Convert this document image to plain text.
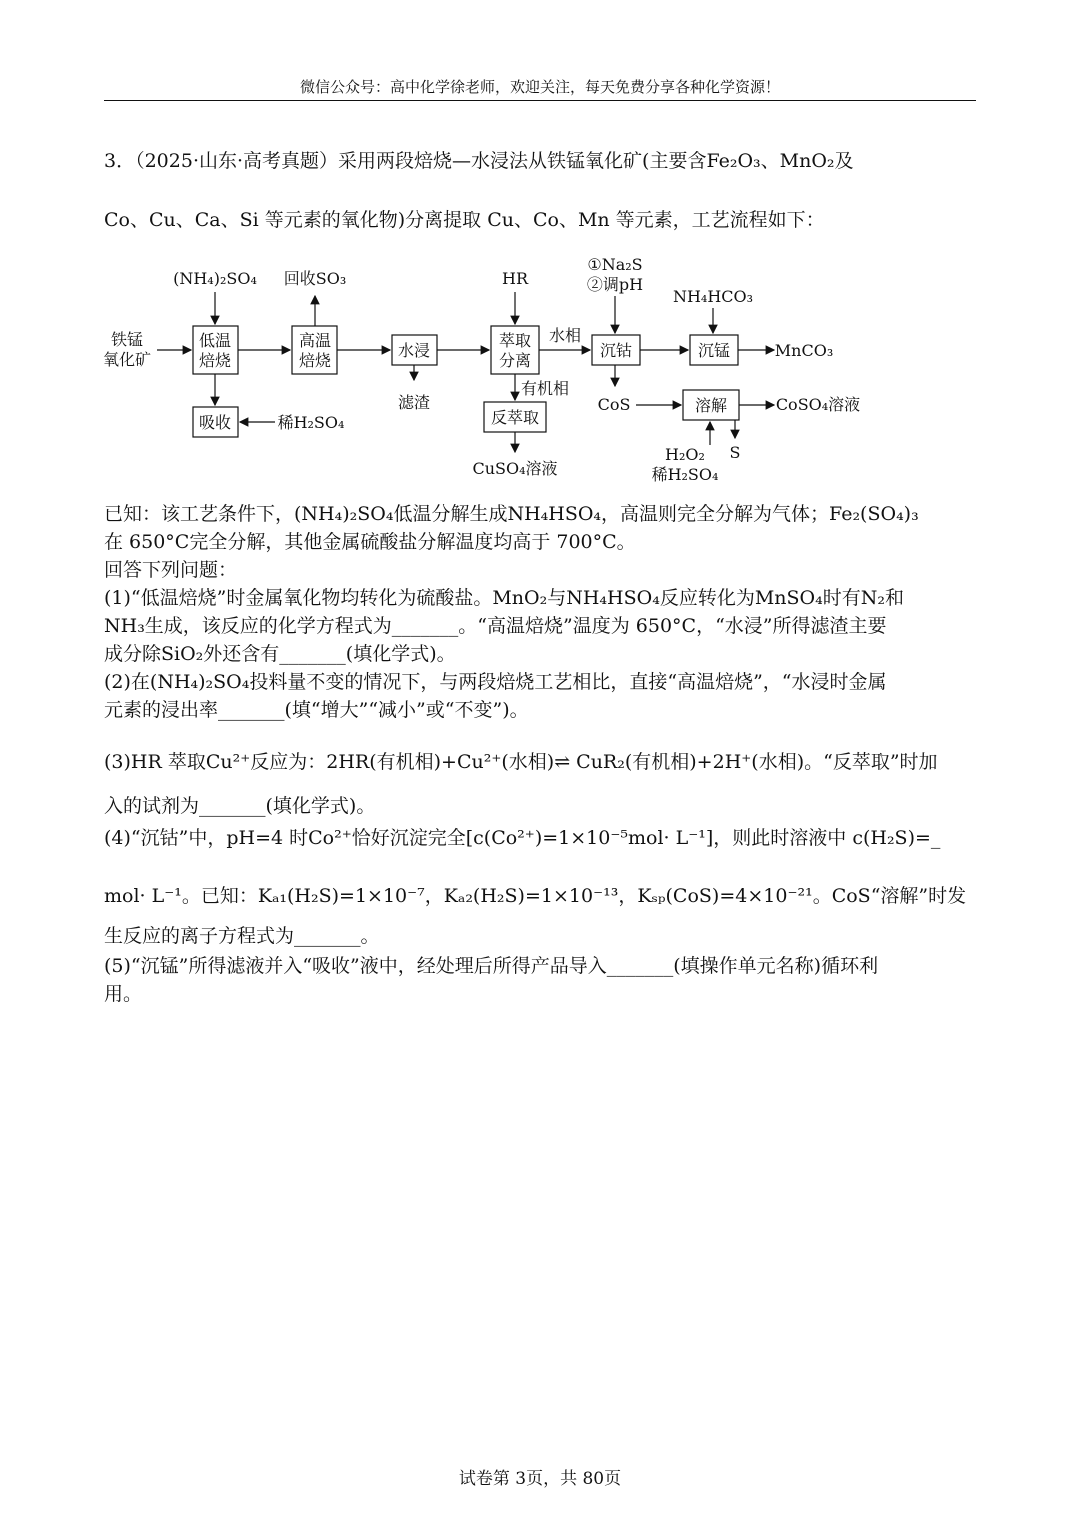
微信公众号：高中化学徐老师，欢迎关注，每天免费分享各种化学资源！
3．（2025·山东·高考真题）采用两段焙烧—水浸法从铁锰氧化矿(主要含Fe₂O₃、MnO₂及
Co、Cu、Ca、Si 等元素的氧化物)分离提取 Cu、Co、Mn 等元素，工艺流程如下：
铁锰
氧化矿
低温
焙烧
高温
焙烧
水浸
萃取
分离
沉钴	沉锰
吸收	反萃取
溶解
(NH₄)₂SO₄ 回收SO₃	HR
①Na₂S
②调pH
NH₄HCO₃
水相
有机相
滤渣
稀H₂SO₄
CuSO₄溶液
CoS
MnCO₃
CoSO₄溶液
H₂O₂
稀H₂SO₄
S
已知：该工艺条件下，(NH₄)₂SO₄低温分解生成NH₄HSO₄，高温则完全分解为气体；Fe₂(SO₄)₃
在 650°C完全分解，其他金属硫酸盐分解温度均高于 700°C。
回答下列问题：
(1)“低温焙烧”时金属氧化物均转化为硫酸盐。MnO₂与NH₄HSO₄反应转化为MnSO₄时有N₂和
NH₃生成，该反应的化学方程式为_______。“高温焙烧”温度为 650°C，“水浸”所得滤渣主要
成分除SiO₂外还含有_______(填化学式)。
(2)在(NH₄)₂SO₄投料量不变的情况下，与两段焙烧工艺相比，直接“高温焙烧”，“水浸时金属
元素的浸出率_______(填“增大”“减小”或“不变”)。
(3)HR 萃取Cu²⁺反应为：2HR(有机相)+Cu²⁺(水相)⇌ CuR₂(有机相)+2H⁺(水相)。“反萃取”时加
入的试剂为_______(填化学式)。
(4)“沉钴”中，pH=4 时Co²⁺恰好沉淀完全[c(Co²⁺)=1×10⁻⁵mol· L⁻¹]，则此时溶液中 c(H₂S)=_
mol· L⁻¹。已知：Kₐ₁(H₂S)=1×10⁻⁷，Kₐ₂(H₂S)=1×10⁻¹³，Kₛₚ(CoS)=4×10⁻²¹。CoS“溶解”时发
生反应的离子方程式为_______。
(5)“沉锰”所得滤液并入“吸收”液中，经处理后所得产品导入_______(填操作单元名称)循环利
用。
试卷第 3页，共 80页
